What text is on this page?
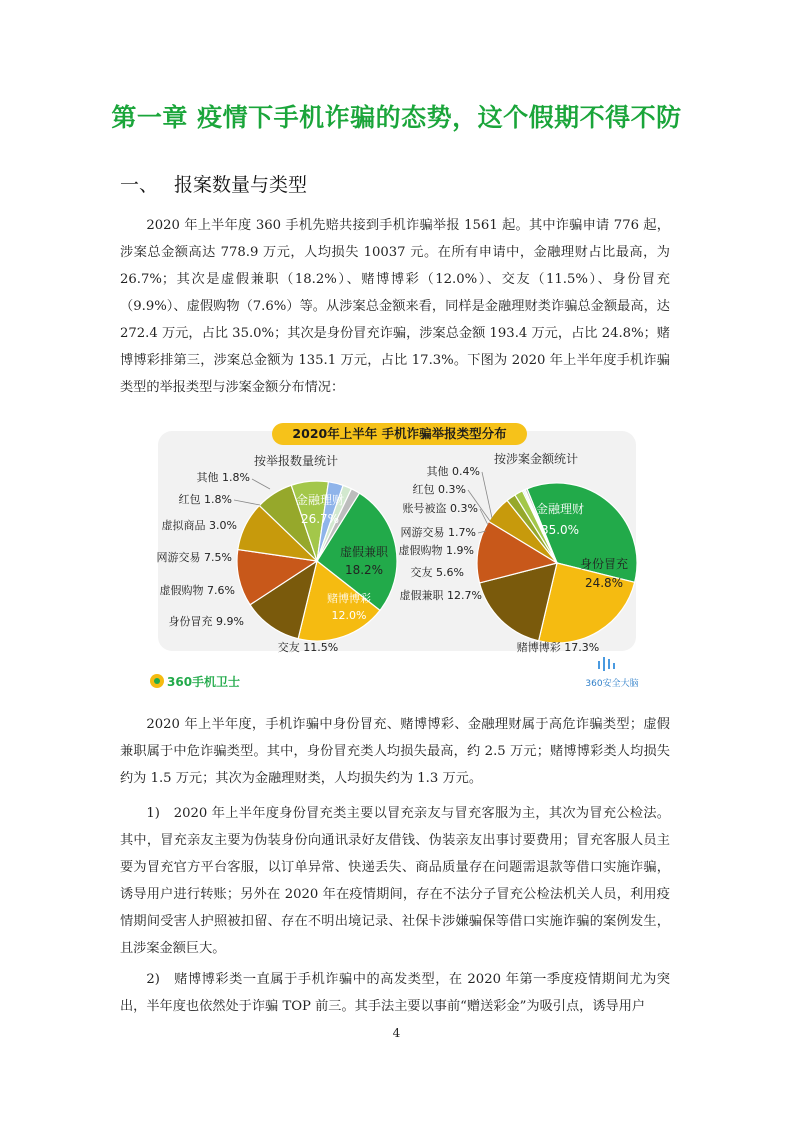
第一章 疫情下手机诈骗的态势，这个假期不得不防
一、 报案数量与类型
2020 年上半年度 360 手机先赔共接到手机诈骗举报 1561 起。其中诈骗申请 776 起，涉案总金额高达 778.9 万元，人均损失 10037 元。在所有申请中，金融理财占比最高，为 26.7%；其次是虚假兼职（18.2%）、赌博博彩（12.0%）、交友（11.5%）、身份冒充（9.9%）、虚假购物（7.6%）等。从涉案总金额来看，同样是金融理财类诈骗总金额最高，达 272.4 万元，占比 35.0%；其次是身份冒充诈骗，涉案总金额 193.4 万元，占比 24.8%；赌博博彩排第三，涉案总金额为 135.1 万元，占比 17.3%。下图为 2020 年上半年度手机诈骗类型的举报类型与涉案金额分布情况：
2020年上半年 手机诈骗举报类型分布
按举报数量统计	按涉案金额统计
金融理财
26.7%
虚假兼职
18.2%
赌博博彩
12.0%
交友 11.5%
身份冒充 9.9%
虚假购物 7.6%
网游交易 7.5%
虚拟商品 3.0%
红包 1.8%
其他 1.8%
金融理财
35.0%
身份冒充
24.8%
赌博博彩 17.3%
虚假兼职 12.7%
交友 5.6%
虚假购物 1.9%
网游交易 1.7%
账号被盗 0.3%
红包 0.3%
其他 0.4%
360手机卫士	360安全大脑
2020 年上半年度，手机诈骗中身份冒充、赌博博彩、金融理财属于高危诈骗类型；虚假兼职属于中危诈骗类型。其中，身份冒充类人均损失最高，约 2.5 万元；赌博博彩类人均损失约为 1.5 万元；其次为金融理财类，人均损失约为 1.3 万元。
1)　2020 年上半年度身份冒充类主要以冒充亲友与冒充客服为主，其次为冒充公检法。其中，冒充亲友主要为伪装身份向通讯录好友借钱、伪装亲友出事讨要费用；冒充客服人员主要为冒充官方平台客服，以订单异常、快递丢失、商品质量存在问题需退款等借口实施诈骗，诱导用户进行转账；另外在 2020 年在疫情期间，存在不法分子冒充公检法机关人员，利用疫情期间受害人护照被扣留、存在不明出境记录、社保卡涉嫌骗保等借口实施诈骗的案例发生，且涉案金额巨大。
2)　赌博博彩类一直属于手机诈骗中的高发类型，在 2020 年第一季度疫情期间尤为突出，半年度也依然处于诈骗 TOP 前三。其手法主要以事前“赠送彩金”为吸引点，诱导用户
4
